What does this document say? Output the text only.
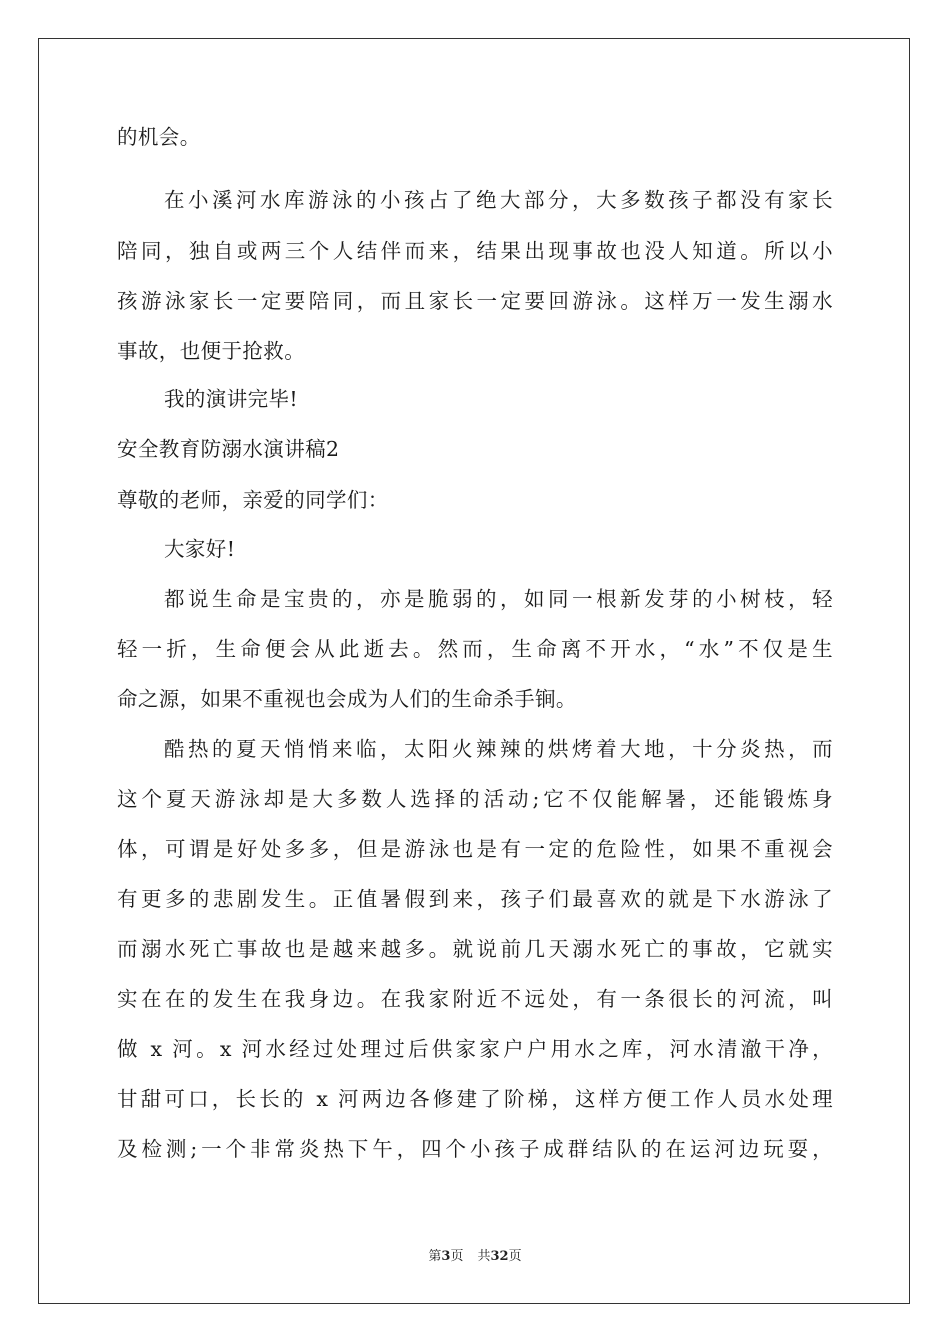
的机会。
在小溪河水库游泳的小孩占了绝大部分，大多数孩子都没有家长
陪同，独自或两三个人结伴而来，结果出现事故也没人知道。所以小
孩游泳家长一定要陪同，而且家长一定要回游泳。这样万一发生溺水
事故，也便于抢救。
我的演讲完毕!
安全教育防溺水演讲稿2
尊敬的老师，亲爱的同学们：
大家好!
都说生命是宝贵的，亦是脆弱的，如同一根新发芽的小树枝，轻
轻一折，生命便会从此逝去。然而，生命离不开水，“水”不仅是生
命之源，如果不重视也会成为人们的生命杀手锏。
酷热的夏天悄悄来临，太阳火辣辣的烘烤着大地，十分炎热，而
这个夏天游泳却是大多数人选择的活动;它不仅能解暑，还能锻炼身
体，可谓是好处多多，但是游泳也是有一定的危险性，如果不重视会
有更多的悲剧发生。正值暑假到来，孩子们最喜欢的就是下水游泳了
而溺水死亡事故也是越来越多。就说前几天溺水死亡的事故，它就实
实在在的发生在我身边。在我家附近不远处，有一条很长的河流，叫
做 x 河。x 河水经过处理过后供家家户户用水之库，河水清澈干净，
甘甜可口，长长的 x 河两边各修建了阶梯，这样方便工作人员水处理
及检测;一个非常炎热下午，四个小孩子成群结队的在运河边玩耍，
第3页 共32页
